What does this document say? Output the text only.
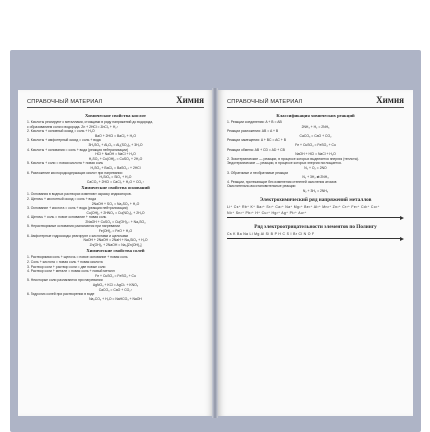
СПРАВОЧНЫЙ МАТЕРИАЛ	Химия
Химические свойства кислот
1. Кислоты реагируют с металлами, стоящими в ряду напряжений до водорода,
с образованием соли и водорода. Zn + 2HCl = ZnCl₂ + H₂↑
2. Кислоты + основный оксид = соль + H₂O
BaO + 2HCl = BaCl₂ + H₂O
3. Кислоты + амфотерный оксид = соль + вода
3H₂SO₄ + Al₂O₃ = Al₂(SO₄)₃ + 3H₂O
4. Кислоты + основания = соль + вода (реакция нейтрализации)
HCl + NaOH = NaCl + H₂O
H₂SO₄ + Cu(OH)₂ = CuSO₄ + 2H₂O
5. Кислоты + соли = новая кислота + новая соль
H₂SO₄ + BaCl₂ = BaSO₄↓ + 2HCl
6. Разложение кислородсодержащих кислот при нагревании
H₂SiO₃ = SiO₂ + H₂O
CaCO₃ + 2HCl = CaCl₂ + H₂O + CO₂↑
Химические свойства оснований
1. Основания в водных растворах изменяют окраску индикаторов.
2. Щелочь + кислотный оксид = соль + вода
2NaOH + SO₂ = Na₂SO₃ + H₂O
3. Основание + кислота = соль + вода (реакция нейтрализации)
Cu(OH)₂ + 2HNO₃ = Cu(NO₃)₂ + 2H₂O
4. Щелочь + соль = новое основание + новая соль
2NaOH + CuSO₄ = Cu(OH)₂↓ + Na₂SO₄
5. Нерастворимые основания разлагаются при нагревании
Fe(OH)₂ = FeO + H₂O
6. Амфотерные гидроксиды реагируют с кислотами и щелочами
NaOH + 2NaOH = 2NaH + Na₂SiO₃ + H₂O
Zn(OH)₂ + 2NaOH = Na₂[Zn(OH)₄]
Химические свойства солей
1. Растворимая соль + щелочь = новое основание + новая соль
2. Соль + кислота = новая соль + новая кислота
3. Раствор соли + раствор соли = две новые соли
4. Раствор соли + металл = новая соль + новый металл
Fe + CuSO₄ = FeSO₄ + Cu
5. Некоторые соли разлагаются при нагревании
AgNO₃ + KCl = AgCl↓ + KNO₃
CaCO₃ = CaO + CO₂↑
6. Гидролиз солей при растворении в воде
Na₂CO₃ + H₂O = NaHCO₃ + NaOH
СПРАВОЧНЫЙ МАТЕРИАЛ	Химия
Классификация химических реакций
1. Реакции соединения: A + B = AB
2NH₃ + H₂ = 2NH₃
Реакции разложения: AB = A + B
CaCO₃ = CaO + CO₂
Реакции замещения: A + BC = AC + B
Fe + CuSO₄ = FeSO₄ + Cu
Реакции обмена: AB + CD = AD + CB
NaOH + HCl = NaCl + H₂O
2. Экзотермические — реакции, в процессе которых выделяется энергия (теплота).
Эндотермические — реакции, в процессе которых энергия поглощается.
N₂ + O₂ = 2NO
3. Обратимые и необратимые реакции
N₂ + 3H₂ ⇄ 2NH₃
4. Реакции, протекающие без изменения степеней окисления атомов
Окислительно-восстановительные реакции
N₂ + 3H₂ = 2NH₃
Электрохимический ряд напряжений металлов
Li⁺ Cs⁺ Rb⁺ K⁺ Ba²⁺ Sr²⁺ Ca²⁺ Na⁺ Mg²⁺ Be²⁺ Al³⁺ Mn²⁺ Zn²⁺ Cr³⁺ Fe²⁺ Cd²⁺ Co²⁺
Ni²⁺ Sn²⁺ Pb²⁺ H⁺ Cu²⁺ Hg²⁺ Ag⁺ Pt²⁺ Au³⁺
Ряд электроотрицательности элементов по Полингу
Cs K Ba Na Li Mg Al Si B P H C S I Br Cl N O F
